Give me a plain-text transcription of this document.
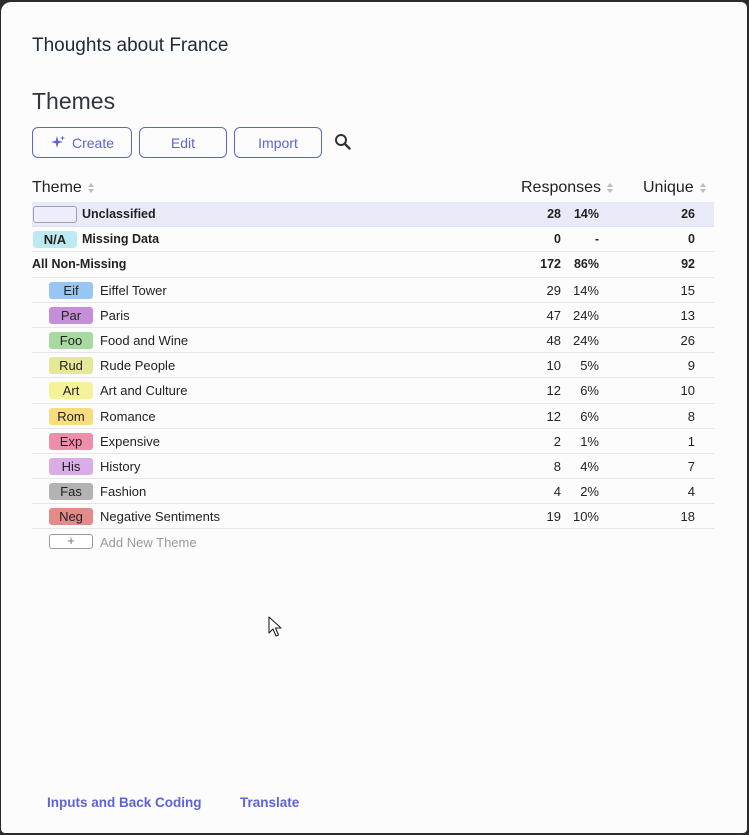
Thoughts about France
Themes
Create	Edit	Import
Theme	Responses	Unique
Unclassified	28 14%	26
N/A	Missing Data	0	-	0
All Non-Missing	172 86%	92
Eif	Eiffel Tower	29 14%	15
Par	Paris	47 24%	13
Foo	Food and Wine	48 24%	26
Rud	Rude People	10 5%	9
Art	Art and Culture	12 6%	10
Rom	Romance	12 6%	8
Exp	Expensive	2 1%	1
His	History	8 4%	7
Fas	Fashion	4 2%	4
Neg	Negative Sentiments	19 10%	18
+	Add New Theme
Inputs and Back Coding	Translate
